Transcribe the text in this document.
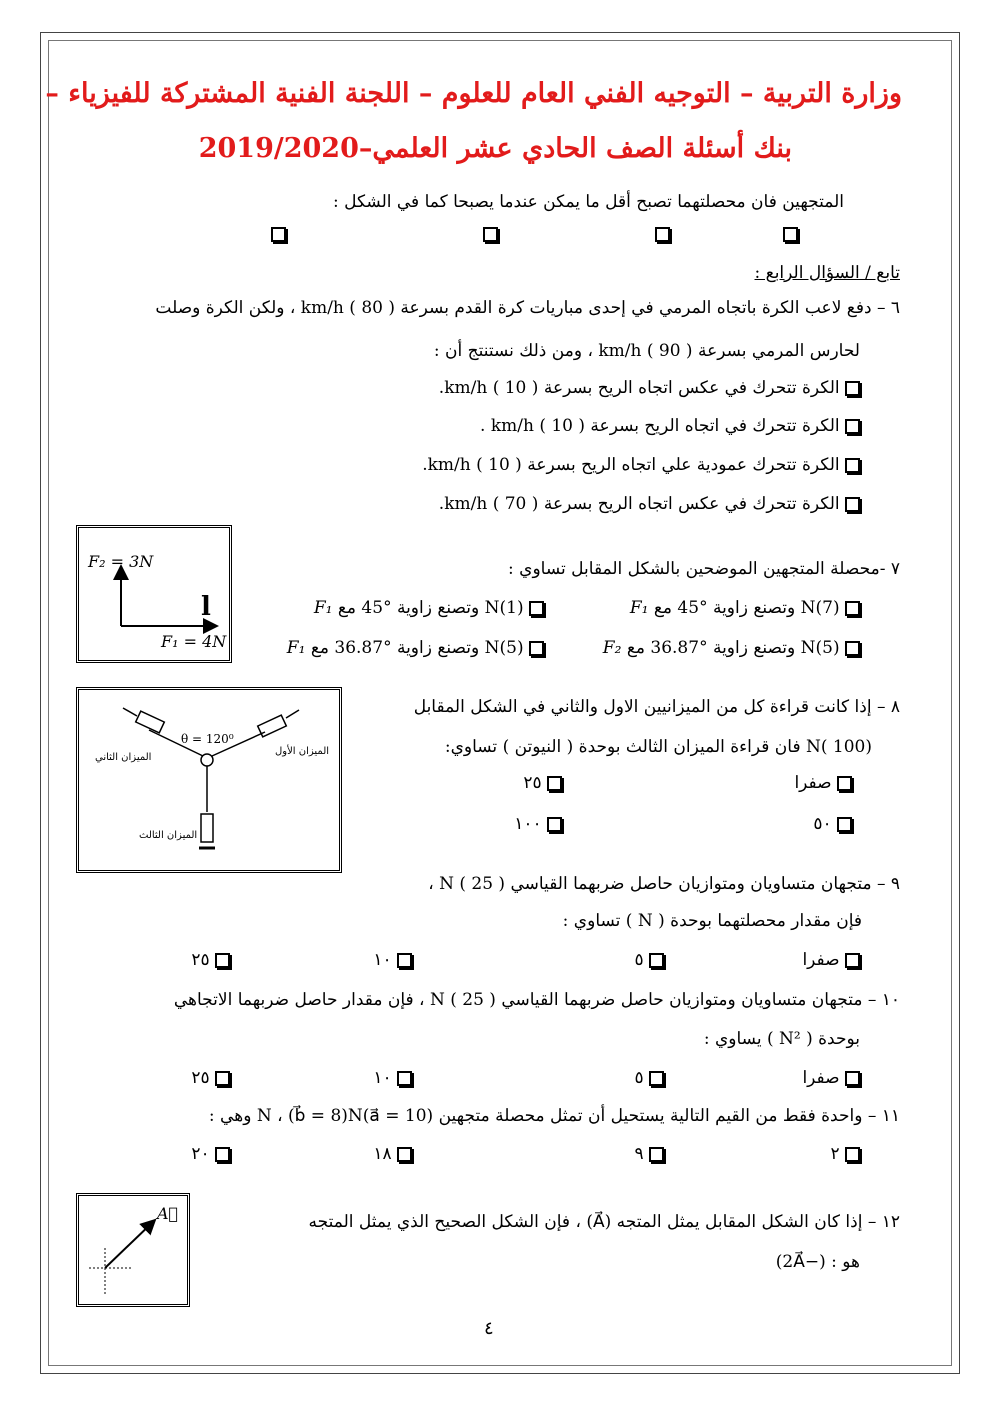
وزارة التربية – التوجيه الفني العام للعلوم – اللجنة الفنية المشتركة للفيزياء –
بنك أسئلة الصف الحادي عشر العلمي–2019/2020
المتجهين فان محصلتهما تصبح أقل ما يمكن عندما يصبحا كما في الشكل :
تابع / السؤال الرابع :
٦ – دفع لاعب الكرة باتجاه المرمي في إحدى مباريات كرة القدم بسرعة km/h ( 80 ) ، ولكن الكرة وصلت
لحارس المرمي بسرعة km/h ( 90 ) ، ومن ذلك نستنتج أن :
الكرة تتحرك في عكس اتجاه الريح بسرعة km/h ( 10 ).
الكرة تتحرك في اتجاه الريح بسرعة km/h ( 10 ) .
الكرة تتحرك عمودية علي اتجاه الريح بسرعة km/h ( 10 ).
الكرة تتحرك في عكس اتجاه الريح بسرعة km/h ( 70 ).
F₂ = 3N
F₁ = 4N
l
٧ -محصلة المتجهين الموضحين بالشكل المقابل تساوي :
N(7) وتصنع زاوية °45 مع F₁
N(1) وتصنع زاوية °45 مع F₁
N(5) وتصنع زاوية °36.87 مع F₂
N(5) وتصنع زاوية °36.87 مع F₁
θ = 120⁰
الميزان الأول
الميزان الثاني
الميزان الثالث
٨ – إذا كانت قراءة كل من الميزانيين الاول والثاني في الشكل المقابل
N( 100) فان قراءة الميزان الثالث بوحدة ( النيوتن ) تساوي:
صفرا
٢٥
٥٠
١٠٠
٩ – متجهان متساويان ومتوازيان حاصل ضربهما القياسي N ( 25 ) ،
فإن مقدار محصلتهما بوحدة ( N ) تساوي :
صفرا
٥
١٠
٢٥
١٠ – متجهان متساويان ومتوازيان حاصل ضربهما القياسي N ( 25 ) ، فإن مقدار حاصل ضربهما الاتجاهي
بوحدة ( N² ) يساوي :
صفرا
٥
١٠
٢٥
١١ – واحدة فقط من القيم التالية يستحيل أن تمثل محصلة متجهين (a⃗ = 10)N ، (b⃗ = 8)N وهي :
٢
٩
١٨
٢٠
A⃗	١٢ – إذا كان الشكل المقابل يمثل المتجه (A⃗) ، فإن الشكل الصحيح الذي يمثل المتجه
هو : (−2A⃗)
٤
